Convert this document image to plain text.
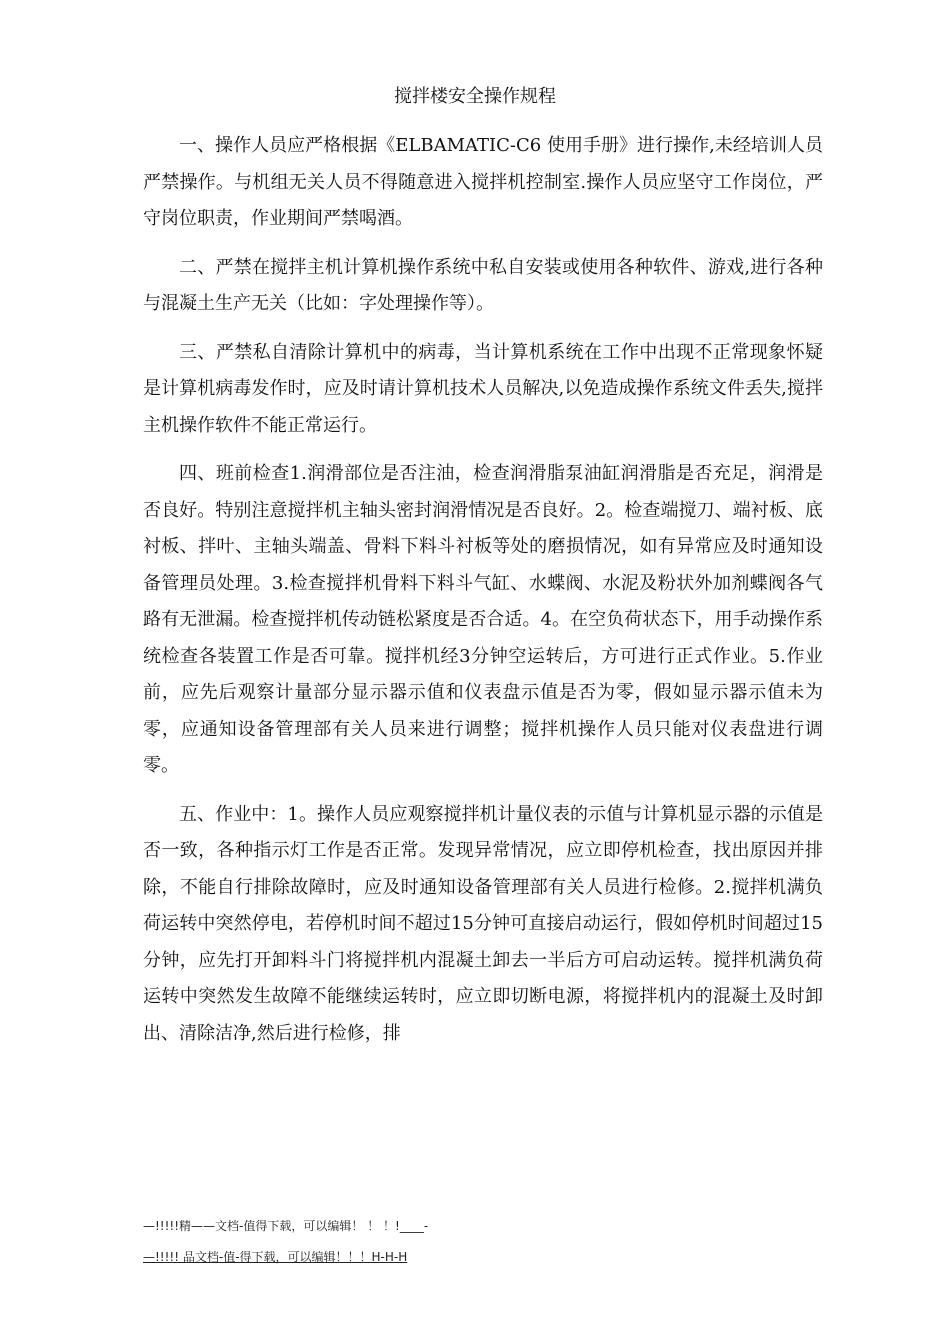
搅拌楼安全操作规程

一、操作人员应严格根据《ELBAMATIC-C6 使用手册》进行操作,未经培训人员严禁操作。与机组无关人员不得随意进入搅拌机控制室.操作人员应坚守工作岗位，严守岗位职责，作业期间严禁喝酒。

二、严禁在搅拌主机计算机操作系统中私自安装或使用各种软件、游戏,进行各种与混凝土生产无关（比如：字处理操作等）。

三、严禁私自清除计算机中的病毒，当计算机系统在工作中出现不正常现象怀疑是计算机病毒发作时，应及时请计算机技术人员解决,以免造成操作系统文件丢失,搅拌主机操作软件不能正常运行。

四、班前检查1.润滑部位是否注油，检查润滑脂泵油缸润滑脂是否充足，润滑是否良好。特别注意搅拌机主轴头密封润滑情况是否良好。2。检查端搅刀、端衬板、底衬板、拌叶、主轴头端盖、骨料下料斗衬板等处的磨损情况，如有异常应及时通知设备管理员处理。3.检查搅拌机骨料下料斗气缸、水蝶阀、水泥及粉状外加剂蝶阀各气路有无泄漏。检查搅拌机传动链松紧度是否合适。4。在空负荷状态下，用手动操作系统检查各装置工作是否可靠。搅拌机经3分钟空运转后，方可进行正式作业。5.作业前，应先后观察计量部分显示器示值和仪表盘示值是否为零，假如显示器示值未为零，应通知设备管理部有关人员来进行调整；搅拌机操作人员只能对仪表盘进行调零。

五、作业中：1。操作人员应观察搅拌机计量仪表的示值与计算机显示器的示值是否一致，各种指示灯工作是否正常。发现异常情况，应立即停机检查，找出原因并排除，不能自行排除故障时，应及时通知设备管理部有关人员进行检修。2.搅拌机满负荷运转中突然停电，若停机时间不超过15分钟可直接启动运行，假如停机时间超过15分钟，应先打开卸料斗门将搅拌机内混凝土卸去一半后方可启动运转。搅拌机满负荷运转中突然发生故障不能继续运转时，应立即切断电源，将搅拌机内的混凝土及时卸出、清除洁净,然后进行检修，排

—!!!!!精——文档-值得下载，可以编辑！ ！ ！!____-
—!!!!! 品文档-值-得下载，可以编辑！！！H-H-H
